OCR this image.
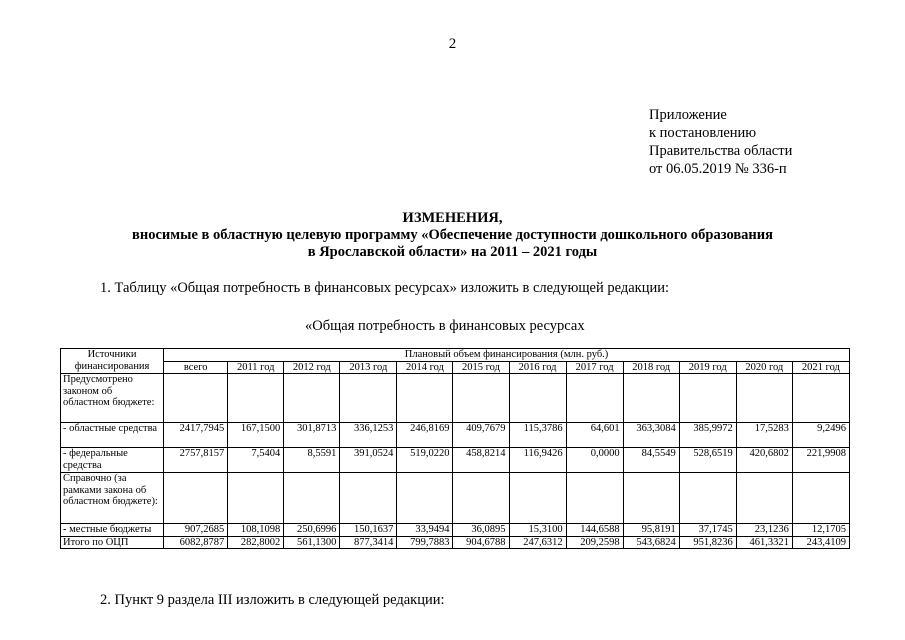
2
Приложение
к постановлению
Правительства области
от 06.05.2019 № 336-п
ИЗМЕНЕНИЯ,
вносимые в областную целевую программу «Обеспечение доступности дошкольного образования
в Ярославской области» на 2011 – 2021 годы
1. Таблицу «Общая потребность в финансовых ресурсах» изложить в следующей редакции:
«Общая потребность в финансовых ресурсах
Источники финансирования	Плановый объем финансирования (млн. руб.)											
	всего	2011 год	2012 год	2013 год	2014 год	2015 год	2016 год	2017 год	2018 год	2019 год	2020 год	2021 год
Предусмотрено законом об областном бюджете:												
- областные средства	2417,7945	167,1500	301,8713	336,1253	246,8169	409,7679	115,3786	64,601	363,3084	385,9972	17,5283	9,2496
- федеральные средства	2757,8157	7,5404	8,5591	391,0524	519,0220	458,8214	116,9426	0,0000	84,5549	528,6519	420,6802	221,9908
Справочно (за рамками закона об областном бюджете):												
- местные бюджеты	907,2685	108,1098	250,6996	150,1637	33,9494	36,0895	15,3100	144,6588	95,8191	37,1745	23,1236	12,1705
Итого по ОЦП	6082,8787	282,8002	561,1300	877,3414	799,7883	904,6788	247,6312	209,2598	543,6824	951,8236	461,3321	243,4109
2. Пункт 9 раздела III изложить в следующей редакции:
